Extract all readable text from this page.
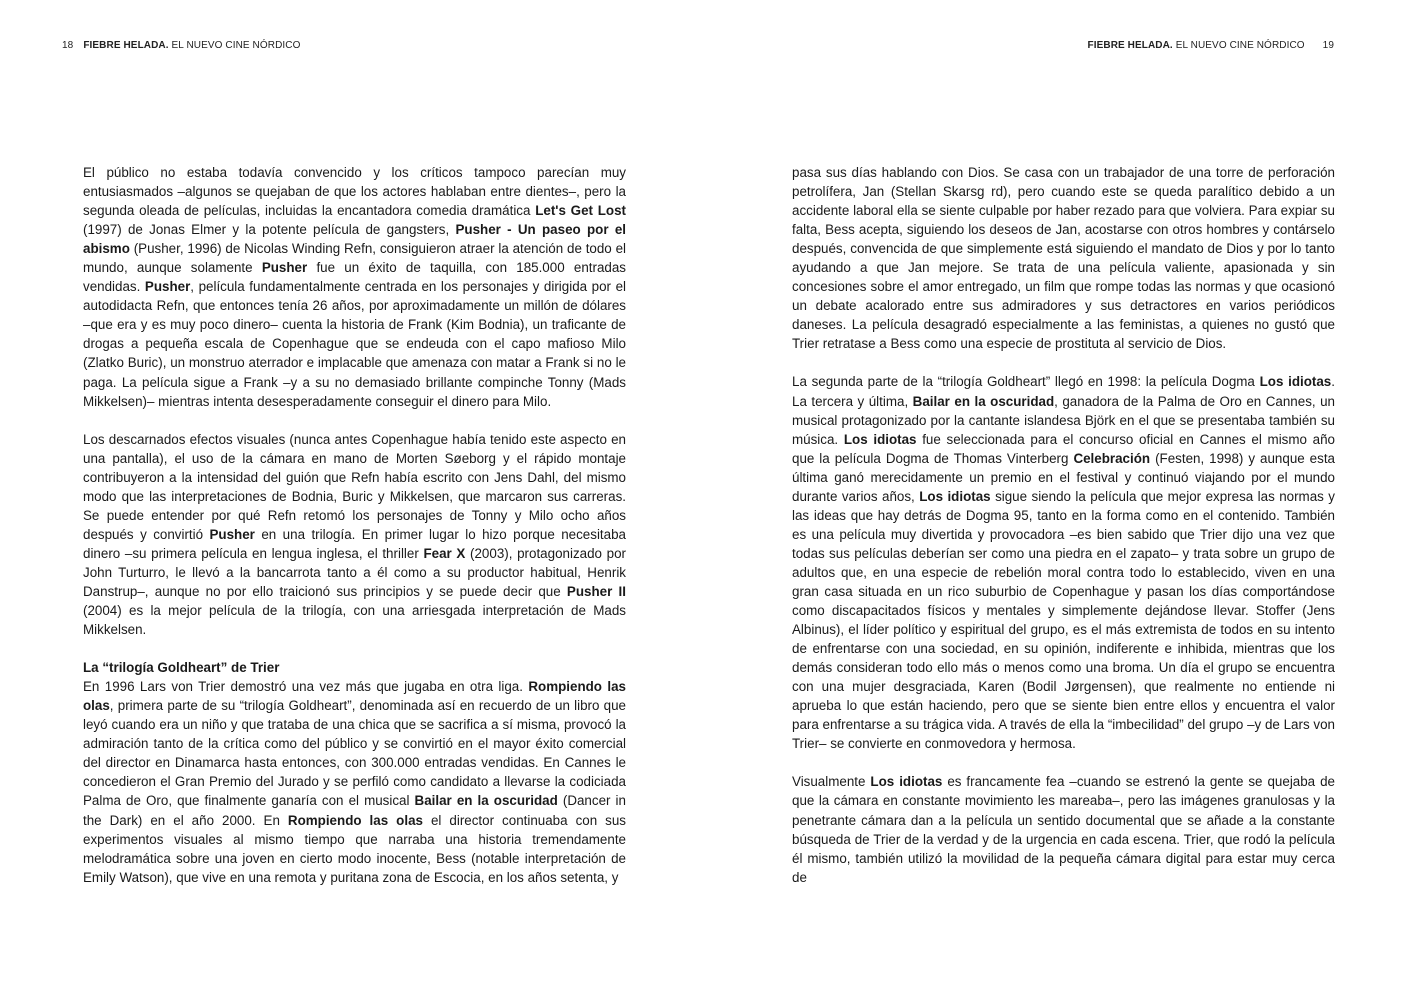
18 FIEBRE HELADA. EL NUEVO CINE NÓRDICO

El público no estaba todavía convencido y los críticos tampoco parecían muy entusiasmados –algunos se quejaban de que los actores hablaban entre dientes–, pero la segunda oleada de películas, incluidas la encantadora comedia dramática Let's Get Lost (1997) de Jonas Elmer y la potente película de gangsters, Pusher - Un paseo por el abismo (Pusher, 1996) de Nicolas Winding Refn, consiguieron atraer la atención de todo el mundo, aunque solamente Pusher fue un éxito de taquilla, con 185.000 entradas vendidas. Pusher, película fundamentalmente centrada en los personajes y dirigida por el autodidacta Refn, que entonces tenía 26 años, por aproximadamente un millón de dólares –que era y es muy poco dinero– cuenta la historia de Frank (Kim Bodnia), un traficante de drogas a pequeña escala de Copenhague que se endeuda con el capo mafioso Milo (Zlatko Buric), un monstruo aterrador e implacable que amenaza con matar a Frank si no le paga. La película sigue a Frank –y a su no demasiado brillante compinche Tonny (Mads Mikkelsen)– mientras intenta desesperadamente conseguir el dinero para Milo.

Los descarnados efectos visuales (nunca antes Copenhague había tenido este aspecto en una pantalla), el uso de la cámara en mano de Morten Søeborg y el rápido montaje contribuyeron a la intensidad del guión que Refn había escrito con Jens Dahl, del mismo modo que las interpretaciones de Bodnia, Buric y Mikkelsen, que marcaron sus carreras. Se puede entender por qué Refn retomó los personajes de Tonny y Milo ocho años después y convirtió Pusher en una trilogía. En primer lugar lo hizo porque necesitaba dinero –su primera película en lengua inglesa, el thriller Fear X (2003), protagonizado por John Turturro, le llevó a la bancarrota tanto a él como a su productor habitual, Henrik Danstrup–, aunque no por ello traicionó sus principios y se puede decir que Pusher II (2004) es la mejor película de la trilogía, con una arriesgada interpretación de Mads Mikkelsen.

La “trilogía Goldheart” de Trier

En 1996 Lars von Trier demostró una vez más que jugaba en otra liga. Rompiendo las olas, primera parte de su “trilogía Goldheart”, denominada así en recuerdo de un libro que leyó cuando era un niño y que trataba de una chica que se sacrifica a sí misma, provocó la admiración tanto de la crítica como del público y se convirtió en el mayor éxito comercial del director en Dinamarca hasta entonces, con 300.000 entradas vendidas. En Cannes le concedieron el Gran Premio del Jurado y se perfiló como candidato a llevarse la codiciada Palma de Oro, que finalmente ganaría con el musical Bailar en la oscuridad (Dancer in the Dark) en el año 2000. En Rompiendo las olas el director continuaba con sus experimentos visuales al mismo tiempo que narraba una historia tremendamente melodramática sobre una joven en cierto modo inocente, Bess (notable interpretación de Emily Watson), que vive en una remota y puritana zona de Escocia, en los años setenta, y

FIEBRE HELADA. EL NUEVO CINE NÓRDICO 19

pasa sus días hablando con Dios. Se casa con un trabajador de una torre de perforación petrolífera, Jan (Stellan Skarsg rd), pero cuando este se queda paralítico debido a un accidente laboral ella se siente culpable por haber rezado para que volviera. Para expiar su falta, Bess acepta, siguiendo los deseos de Jan, acostarse con otros hombres y contárselo después, convencida de que simplemente está siguiendo el mandato de Dios y por lo tanto ayudando a que Jan mejore. Se trata de una película valiente, apasionada y sin concesiones sobre el amor entregado, un film que rompe todas las normas y que ocasionó un debate acalorado entre sus admiradores y sus detractores en varios periódicos daneses. La película desagradó especialmente a las feministas, a quienes no gustó que Trier retratase a Bess como una especie de prostituta al servicio de Dios.

La segunda parte de la “trilogía Goldheart” llegó en 1998: la película Dogma Los idiotas. La tercera y última, Bailar en la oscuridad, ganadora de la Palma de Oro en Cannes, un musical protagonizado por la cantante islandesa Björk en el que se presentaba también su música. Los idiotas fue seleccionada para el concurso oficial en Cannes el mismo año que la película Dogma de Thomas Vinterberg Celebración (Festen, 1998) y aunque esta última ganó merecidamente un premio en el festival y continuó viajando por el mundo durante varios años, Los idiotas sigue siendo la película que mejor expresa las normas y las ideas que hay detrás de Dogma 95, tanto en la forma como en el contenido. También es una película muy divertida y provocadora –es bien sabido que Trier dijo una vez que todas sus películas deberían ser como una piedra en el zapato– y trata sobre un grupo de adultos que, en una especie de rebelión moral contra todo lo establecido, viven en una gran casa situada en un rico suburbio de Copenhague y pasan los días comportándose como discapacitados físicos y mentales y simplemente dejándose llevar. Stoffer (Jens Albinus), el líder político y espiritual del grupo, es el más extremista de todos en su intento de enfrentarse con una sociedad, en su opinión, indiferente e inhibida, mientras que los demás consideran todo ello más o menos como una broma. Un día el grupo se encuentra con una mujer desgraciada, Karen (Bodil Jørgensen), que realmente no entiende ni aprueba lo que están haciendo, pero que se siente bien entre ellos y encuentra el valor para enfrentarse a su trágica vida. A través de ella la “imbecilidad” del grupo –y de Lars von Trier– se convierte en conmovedora y hermosa.

Visualmente Los idiotas es francamente fea –cuando se estrenó la gente se quejaba de que la cámara en constante movimiento les mareaba–, pero las imágenes granulosas y la penetrante cámara dan a la película un sentido documental que se añade a la constante búsqueda de Trier de la verdad y de la urgencia en cada escena. Trier, que rodó la película él mismo, también utilizó la movilidad de la pequeña cámara digital para estar muy cerca de
